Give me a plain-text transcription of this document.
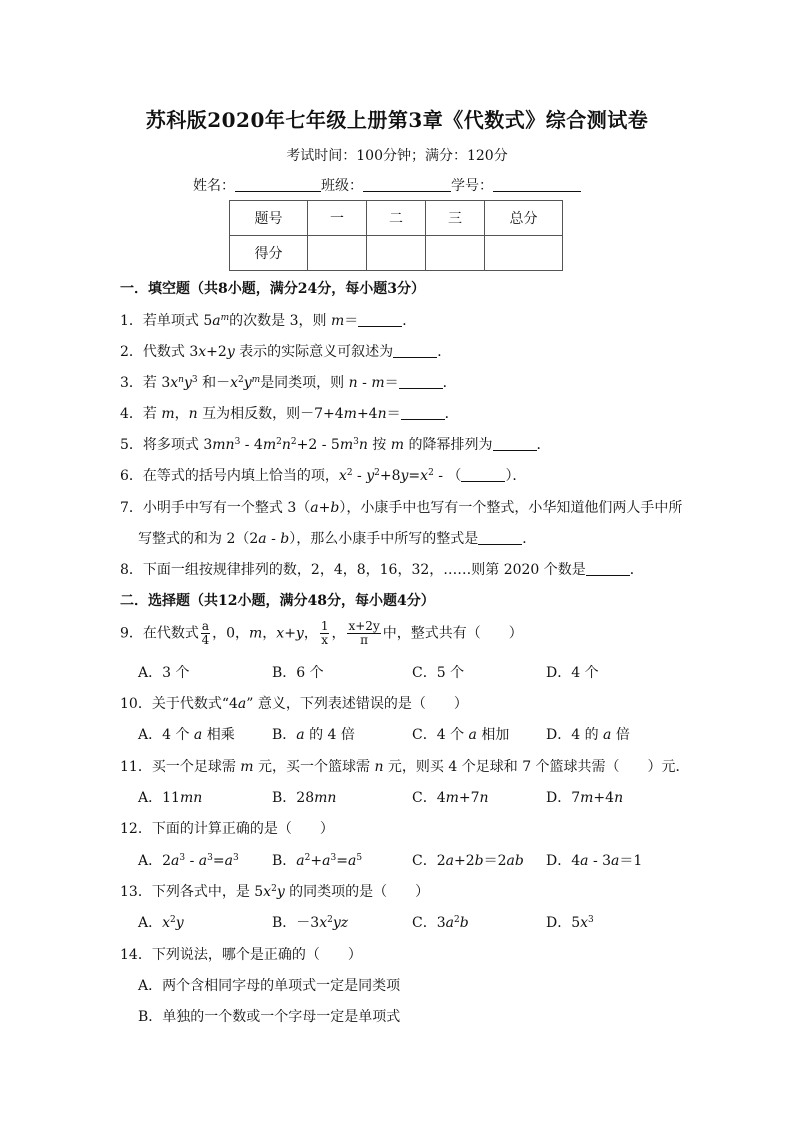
苏科版2020年七年级上册第3章《代数式》综合测试卷
考试时间：100分钟；满分：120分
姓名：	班级：	学号：
题号	一	二	三	总分
得分				
一．填空题（共8小题，满分24分，每小题3分）
1．若单项式 $5a^m$的次数是 3，则 m＝	．
2．代数式 3x+2y 表示的实际意义可叙述为	．
3．若 $3x^ny^3$ 和$-x^2y^m$是同类项，则 n - m＝	．
4．若 m，n 互为相反数，则－7+4m+4n＝	．
5．将多项式 $3mn^3 - 4m^2n^2+2 - 5m^3n$ 按 m 的降幂排列为	．
6．在等式的括号内填上恰当的项，$x^2 - y^2+8y=x^2$ - （	）．
7．小明手中写有一个整式 3（a+b），小康手中也写有一个整式，小华知道他们两人手中所
写整式的和为 2（2a - b），那么小康手中所写的整式是	．
8．下面一组按规律排列的数，2，4，8，16，32，……则第 2020 个数是	．
二．选择题（共12小题，满分48分，每小题4分）
9．在代数式 $\frac{a}{4}$ ，0，m，x+y， $\frac{1}{x}$ ， $\frac{x+2y}{\pi}$ 中，整式共有（　　）
A．3 个	B．6 个	C．5 个	D．4 个
10．关于代数式“4a” 意义，下列表述错误的是（　　）
A．4 个 a 相乘	B．a 的 4 倍	C．4 个 a 相加	D．4 的 a 倍
11．买一个足球需 m 元，买一个篮球需 n 元，则买 4 个足球和 7 个篮球共需（　　）元．
A．11mn	B．28mn	C．4m+7n	D．7m+4n
12．下面的计算正确的是（　　）
A．$2a^3 - a^3=a^3$ B．$a^2+a^3=a^5$	C．2a+2b＝2ab D．4a - 3a＝1
13．下列各式中，是 $5x^2y$ 的同类项的是（　　）
A．$x^2y$	B．$-3x^2yz$	C．$3a^2b$	D．$5x^3$
14．下列说法，哪个是正确的（　　）
A．两个含相同字母的单项式一定是同类项
B．单独的一个数或一个字母一定是单项式
